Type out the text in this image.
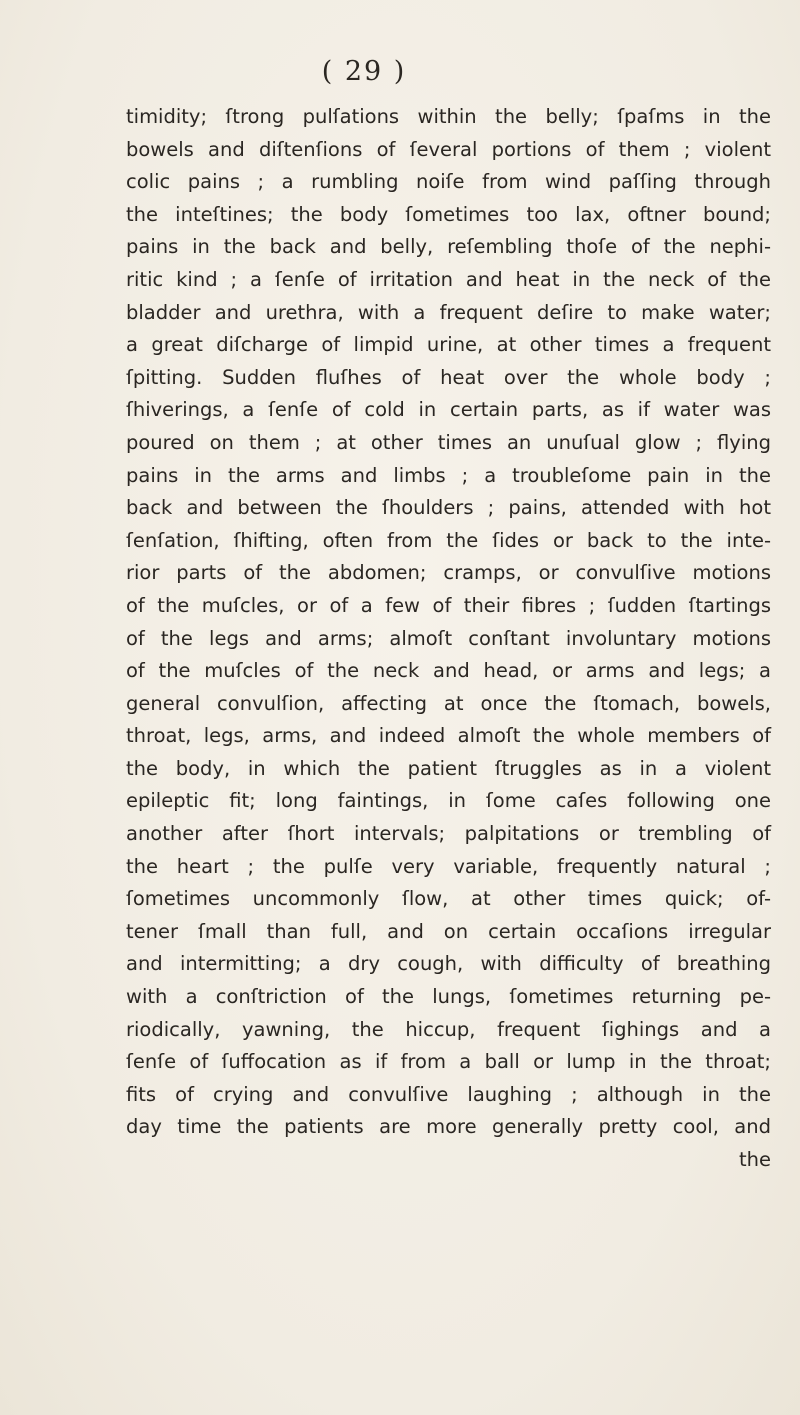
( 29 )
timidity; ſtrong pulſations within the belly; ſpaſms in the
bowels and diſtenſions of ſeveral portions of them ; violent
colic pains ; a rumbling noiſe from wind paſſing through
the inteſtines; the body ſometimes too lax, oftner bound;
pains in the back and belly, reſembling thoſe of the nephi-
ritic kind ; a ſenſe of irritation and heat in the neck of the
bladder and urethra, with a frequent deſire to make water;
a great diſcharge of limpid urine, at other times a frequent
ſpitting. Sudden fluſhes of heat over the whole body ;
ſhiverings, a ſenſe of cold in certain parts, as if water was
poured on them ; at other times an unuſual glow ; flying
pains in the arms and limbs ; a troubleſome pain in the
back and between the ſhoulders ; pains, attended with hot
ſenſation, ſhifting, often from the ſides or back to the inte-
rior parts of the abdomen; cramps, or convulſive motions
of the muſcles, or of a few of their fibres ; ſudden ſtartings
of the legs and arms; almoſt conſtant involuntary motions
of the muſcles of the neck and head, or arms and legs; a
general convulſion, affecting at once the ſtomach, bowels,
throat, legs, arms, and indeed almoſt the whole members of
the body, in which the patient ſtruggles as in a violent
epileptic fit; long faintings, in ſome caſes following one
another after ſhort intervals; palpitations or trembling of
the heart ; the pulſe very variable, frequently natural ;
ſometimes uncommonly ſlow, at other times quick; of-
tener ſmall than full, and on certain occaſions irregular
and intermitting; a dry cough, with difficulty of breathing
with a conſtriction of the lungs, ſometimes returning pe-
riodically, yawning, the hiccup, frequent ſighings and a
ſenſe of ſuffocation as if from a ball or lump in the throat;
fits of crying and convulſive laughing ; although in the
day time the patients are more generally pretty cool, and
the
